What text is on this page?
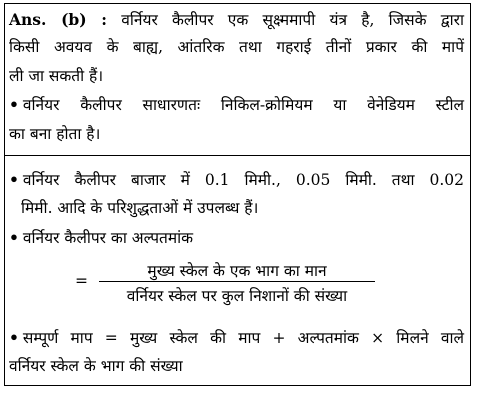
Ans. (b) : वर्नियर कैलीपर एक सूक्ष्ममापी यंत्र है, जिसके द्वारा
किसी अवयव के बाह्य, आंतरिक तथा गहराई तीनों प्रकार की मापें
ली जा सकती हैं।
• वर्नियर कैलीपर साधारणतः निकिल-क्रोमियम या वेनेडियम स्टील
का बना होता है।
• वर्नियर कैलीपर बाजार में 0.1 मिमी., 0.05 मिमी. तथा 0.02
मिमी. आदि के परिशुद्धताओं में उपलब्ध हैं।
• वर्नियर कैलीपर का अल्पतमांक
=
मुख्य स्केल के एक भाग का मान
वर्नियर स्केल पर कुल निशानों की संख्या
• सम्पूर्ण माप = मुख्य स्केल की माप + अल्पतमांक × मिलने वाले
वर्नियर स्केल के भाग की संख्या
